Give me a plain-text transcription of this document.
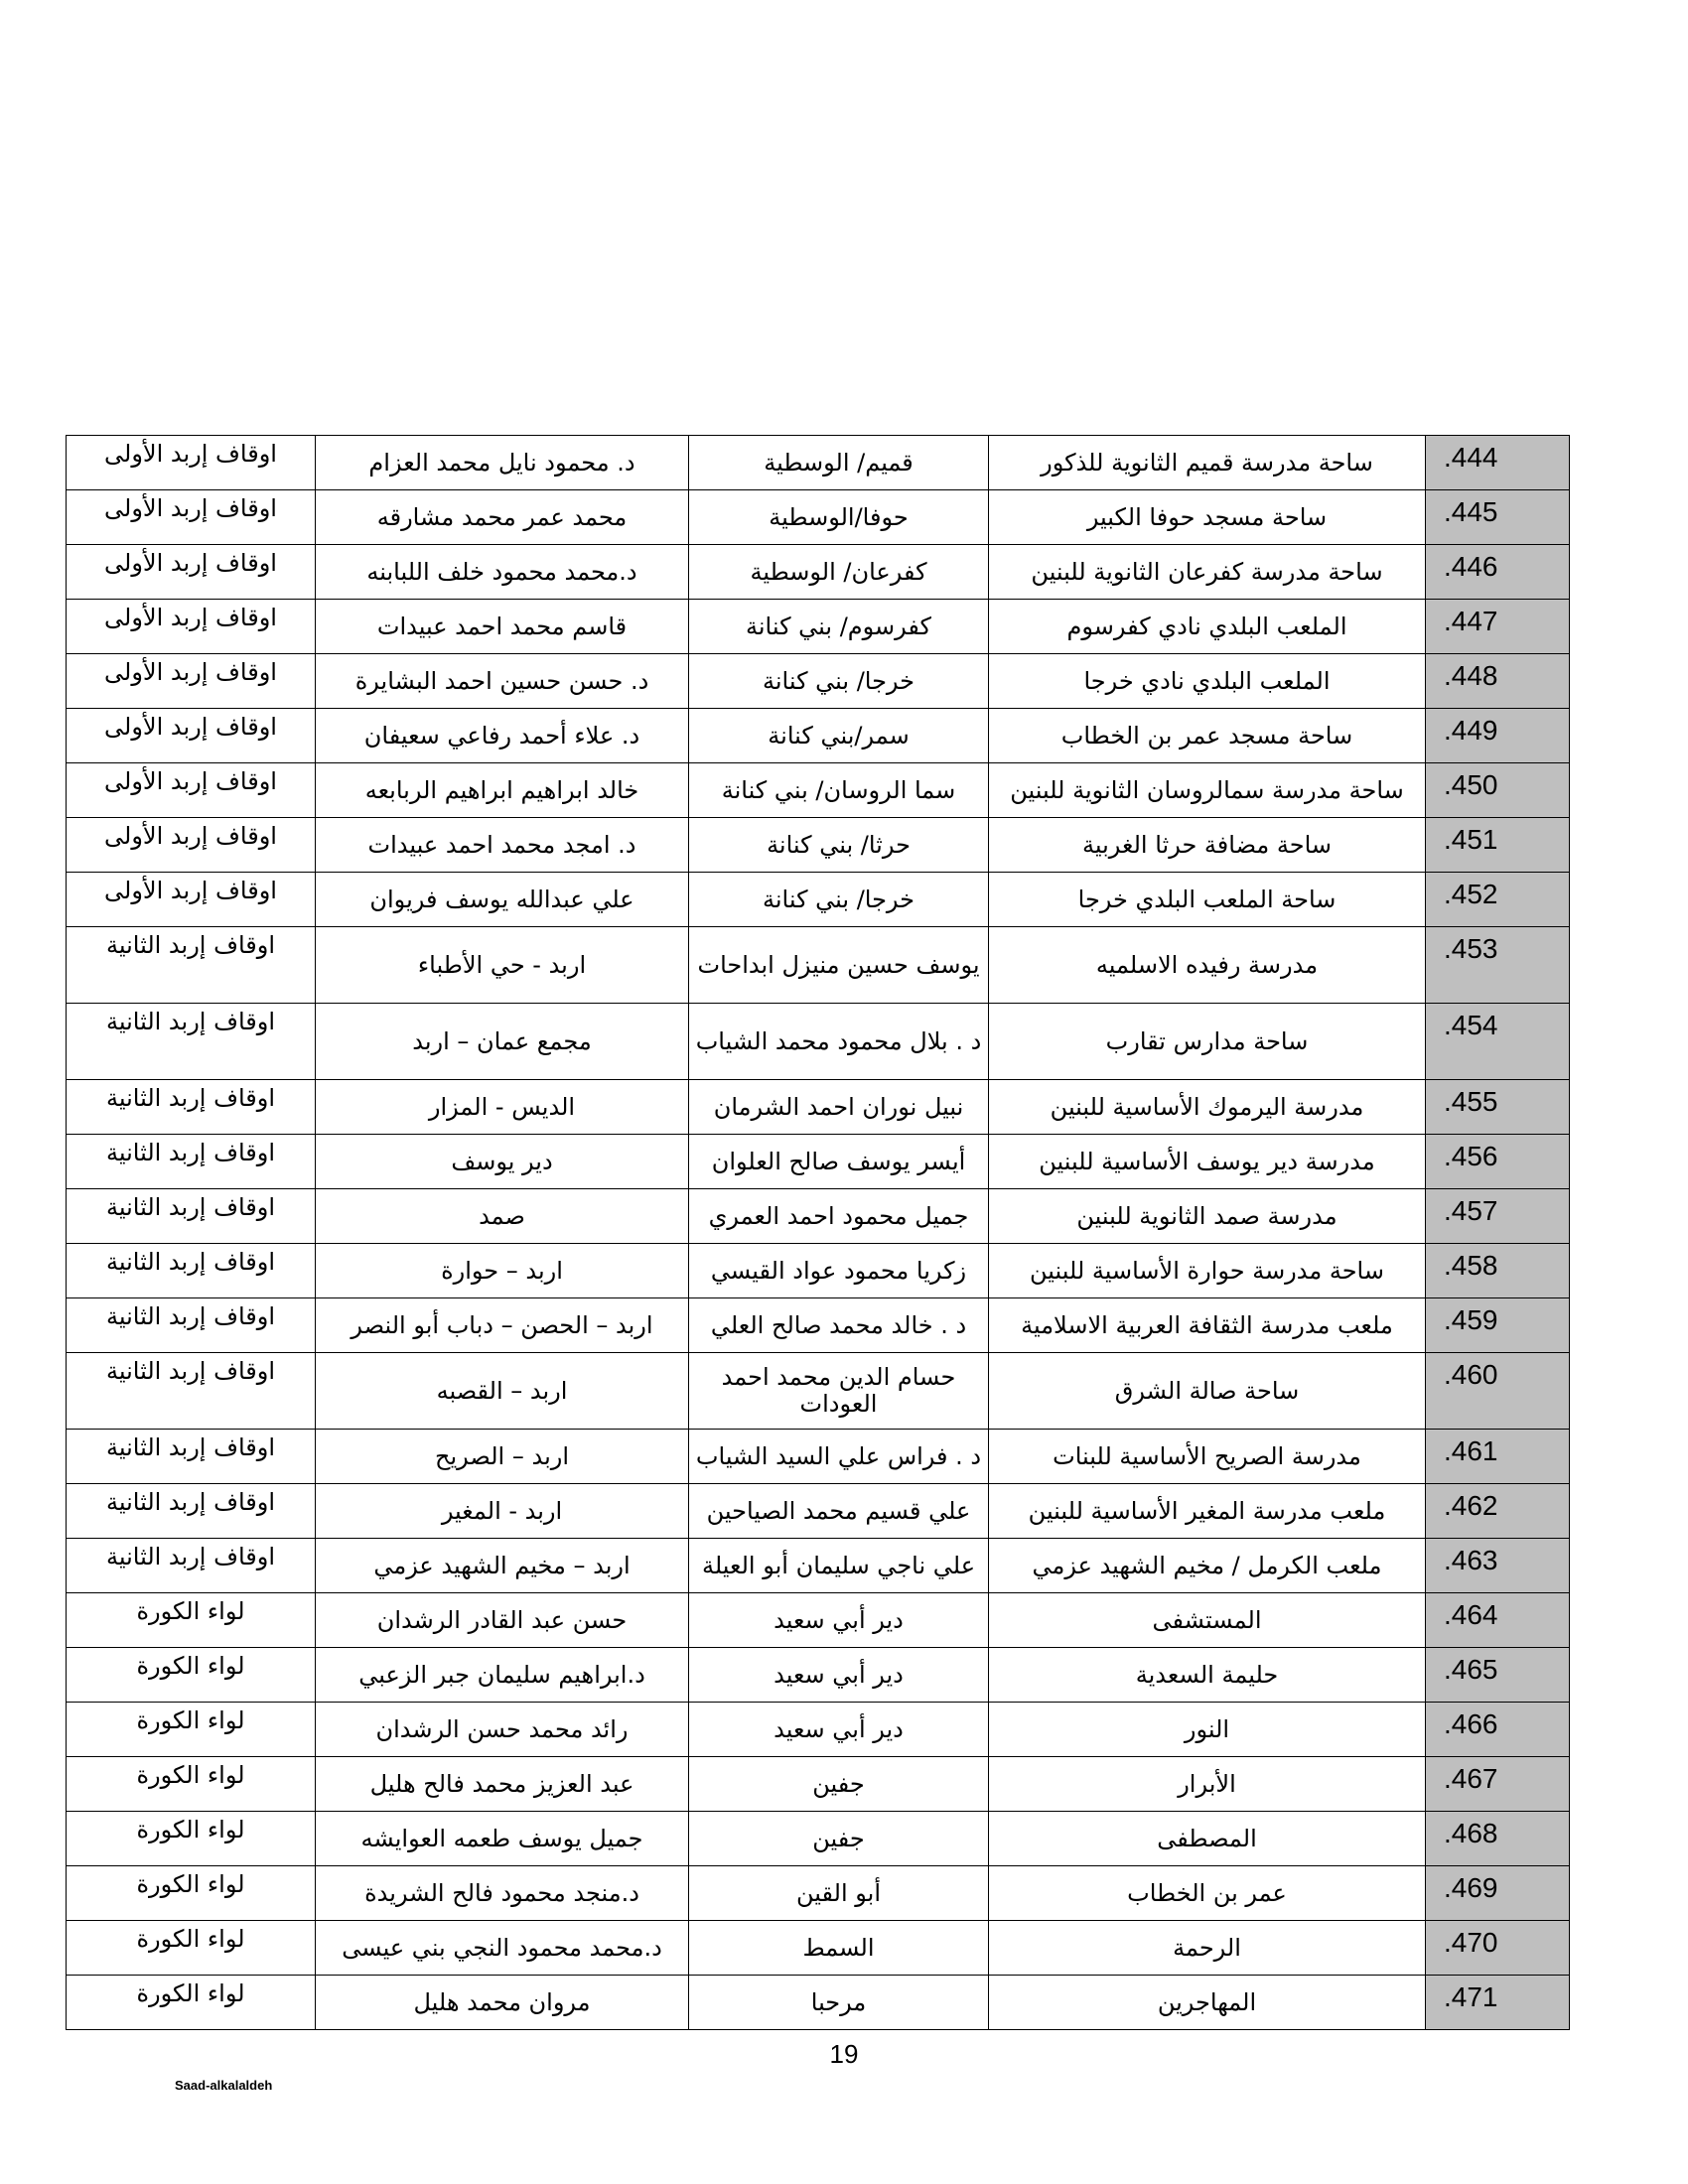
اوقاف إربد الأولى	د. محمود نايل محمد العزام	قميم/ الوسطية	ساحة مدرسة قميم الثانوية للذكور	.444
اوقاف إربد الأولى	محمد عمر محمد مشارقه	حوفا/الوسطية	ساحة مسجد حوفا الكبير	.445
اوقاف إربد الأولى	د.محمد محمود خلف اللبابنه	كفرعان/ الوسطية	ساحة مدرسة كفرعان الثانوية للبنين	.446
اوقاف إربد الأولى	قاسم محمد احمد عبيدات	كفرسوم/ بني كنانة	الملعب البلدي نادي كفرسوم	.447
اوقاف إربد الأولى	د. حسن حسين احمد البشايرة	خرجا/ بني كنانة	الملعب البلدي نادي خرجا	.448
اوقاف إربد الأولى	د. علاء أحمد رفاعي سعيفان	سمر/بني كنانة	ساحة مسجد عمر بن الخطاب	.449
اوقاف إربد الأولى	خالد ابراهيم ابراهيم الربابعه	سما الروسان/ بني كنانة	ساحة مدرسة سمالروسان الثانوية للبنين	.450
اوقاف إربد الأولى	د. امجد محمد احمد عبيدات	حرثا/ بني كنانة	ساحة مضافة حرثا الغربية	.451
اوقاف إربد الأولى	علي عبدالله يوسف فريوان	خرجا/ بني كنانة	ساحة الملعب البلدي خرجا	.452
اوقاف إربد الثانية	اربد - حي الأطباء	يوسف حسين منيزل ابداحات	مدرسة رفيده الاسلميه	.453
اوقاف إربد الثانية	مجمع عمان – اربد	د . بلال محمود محمد الشياب	ساحة مدارس تقارب	.454
اوقاف إربد الثانية	الديس - المزار	نبيل نوران احمد الشرمان	مدرسة اليرموك الأساسية للبنين	.455
اوقاف إربد الثانية	دير يوسف	أيسر يوسف صالح العلوان	مدرسة دير يوسف الأساسية للبنين	.456
اوقاف إربد الثانية	صمد	جميل محمود احمد العمري	مدرسة صمد الثانوية للبنين	.457
اوقاف إربد الثانية	اربد – حوارة	زكريا محمود عواد القيسي	ساحة مدرسة حوارة الأساسية للبنين	.458
اوقاف إربد الثانية	اربد – الحصن – دباب أبو النصر	د . خالد محمد صالح العلي	ملعب مدرسة الثقافة العربية الاسلامية	.459
اوقاف إربد الثانية	اربد – القصبه	حسام الدين محمد احمد العودات	ساحة صالة الشرق	.460
اوقاف إربد الثانية	اربد – الصريح	د . فراس علي السيد الشياب	مدرسة الصريح الأساسية للبنات	.461
اوقاف إربد الثانية	اربد - المغير	علي قسيم محمد الصياحين	ملعب مدرسة المغير الأساسية للبنين	.462
اوقاف إربد الثانية	اربد – مخيم الشهيد عزمي	علي ناجي سليمان أبو العيلة	ملعب الكرمل / مخيم الشهيد عزمي	.463
لواء الكورة	حسن عبد القادر الرشدان	دير أبي سعيد	المستشفى	.464
لواء الكورة	د.ابراهيم سليمان جبر الزعبي	دير أبي سعيد	حليمة السعدية	.465
لواء الكورة	رائد محمد حسن الرشدان	دير أبي سعيد	النور	.466
لواء الكورة	عبد العزيز محمد فالح هليل	جفين	الأبرار	.467
لواء الكورة	جميل يوسف طعمه العوايشه	جفين	المصطفى	.468
لواء الكورة	د.منجد محمود فالح الشريدة	أبو القين	عمر بن الخطاب	.469
لواء الكورة	د.محمد محمود النجي بني عيسى	السمط	الرحمة	.470
لواء الكورة	مروان محمد هليل	مرحبا	المهاجرين	.471
19
Saad-alkalaldeh
